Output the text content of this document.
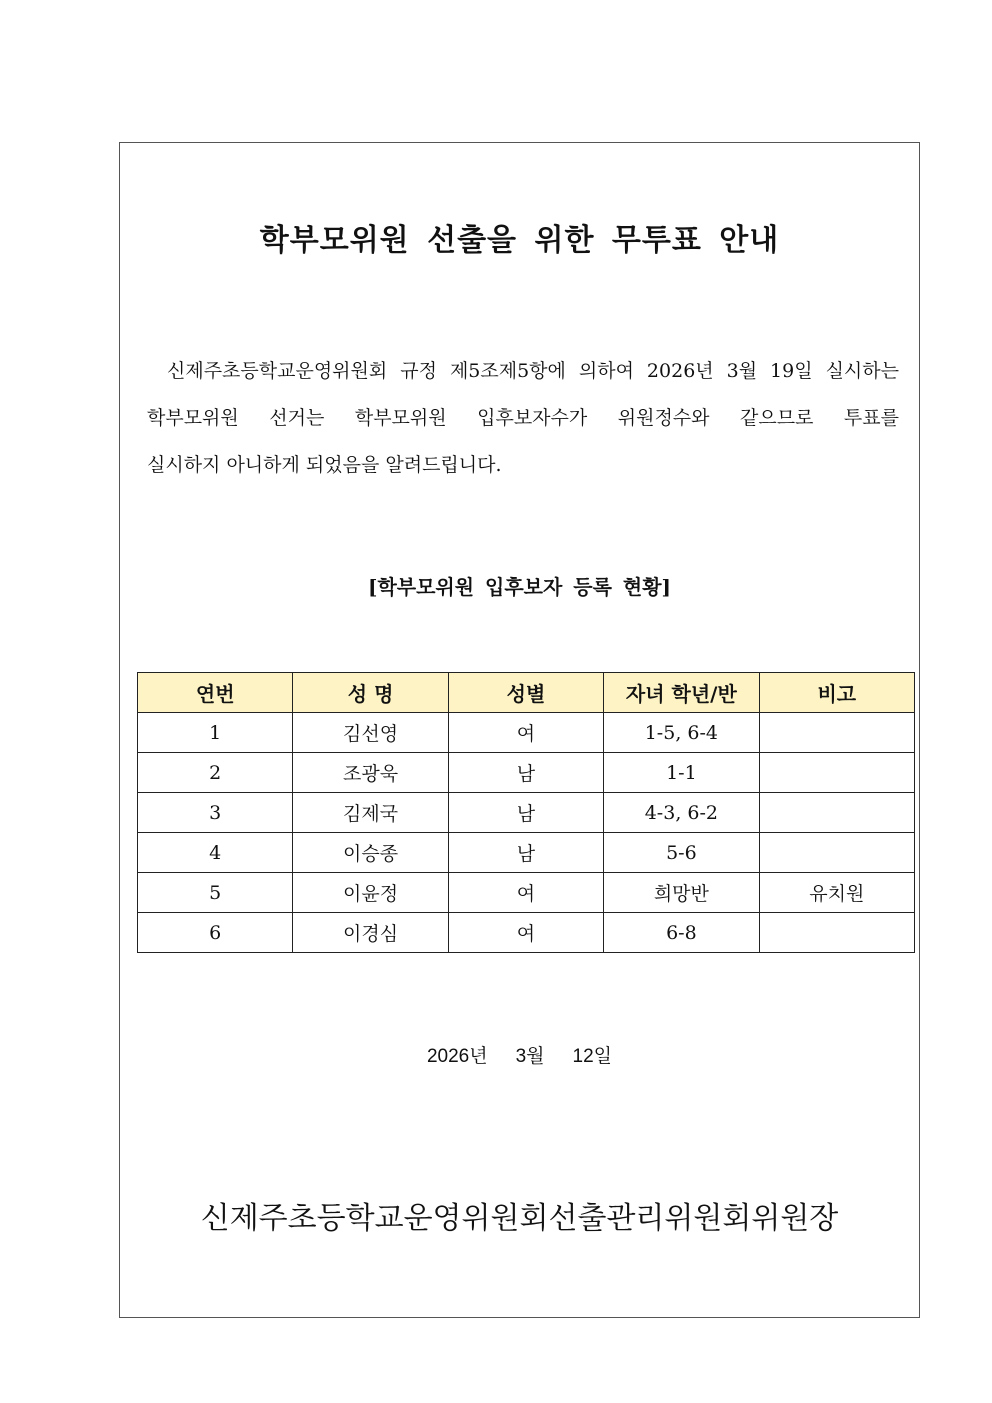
학부모위원 선출을 위한 무투표 안내

신제주초등학교운영위원회 규정 제5조제5항에 의하여 2026년 3월 19일 실시하는
학부모위원 선거는 학부모위원 입후보자수가 위원정수와 같으므로 투표를
실시하지 아니하게 되었음을 알려드립니다.

[학부모위원 입후보자 등록 현황]
연번	성 명	성별	자녀 학년/반	비고
1	김선영	여	1-5, 6-4	
2	조광욱	남	1-1	
3	김제국	남	4-3, 6-2	
4	이승종	남	5-6	
5	이윤정	여	희망반	유치원
6	이경심	여	6-8	

2026년 3월 12일

신제주초등학교운영위원회선출관리위원회위원장
